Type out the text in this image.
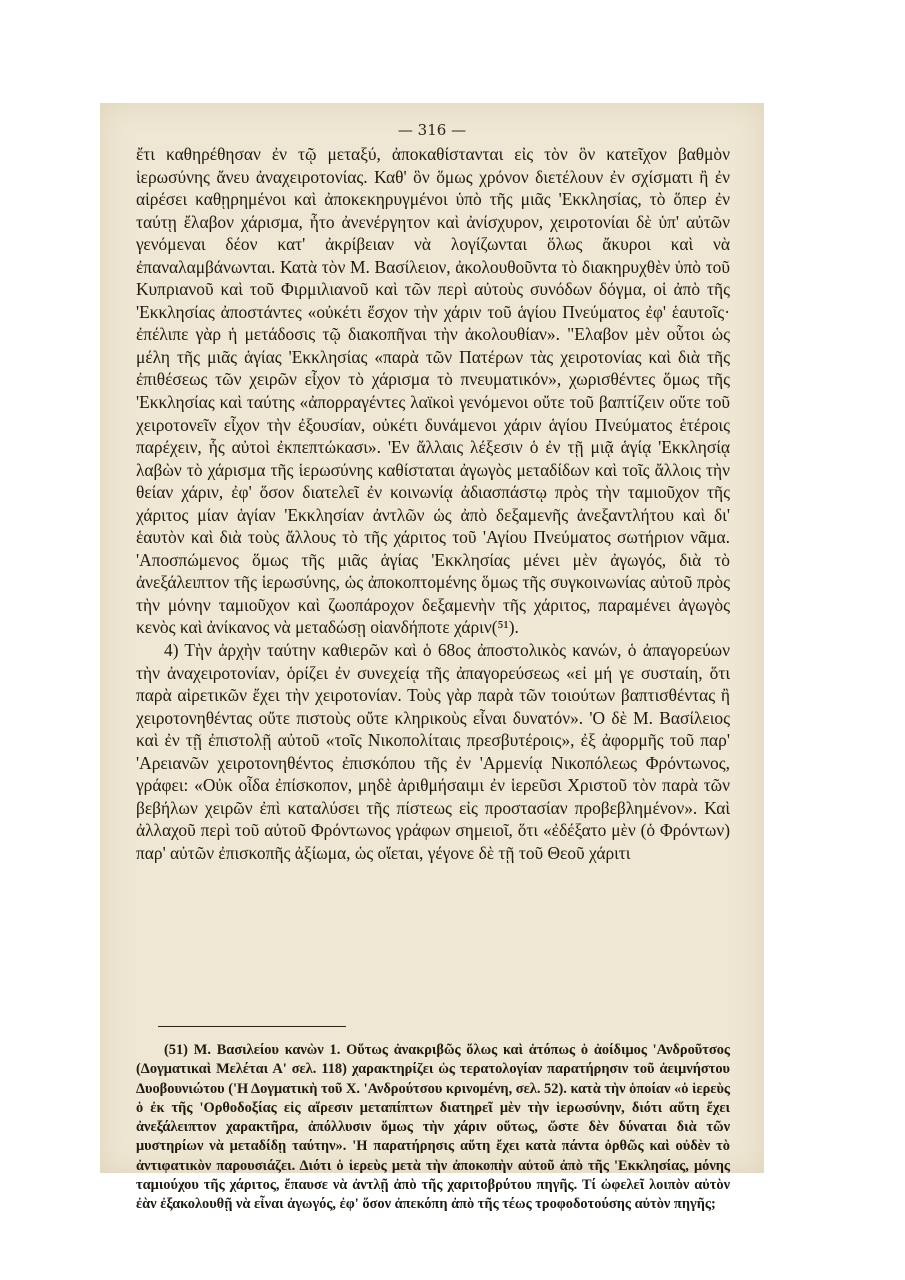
— 316 —

ἔτι καθηρέθησαν ἐν τῷ μεταξύ, ἀποκαθίστανται εἰς τὸν ὃν κατεῖχον βαθμὸν ἱερωσύνης ἄνευ ἀναχειροτονίας. Καθ' ὃν ὅμως χρόνον διετέλουν ἐν σχίσματι ἢ ἐν αἱρέσει καθῃρημένοι καὶ ἀποκεκηρυγμένοι ὑπὸ τῆς μιᾶς 'Εκκλησίας, τὸ ὅπερ ἐν ταύτῃ ἔλαβον χάρισμα, ἦτο ἀνενέργητον καὶ ἀνίσχυρον, χειροτονίαι δὲ ὑπ' αὐτῶν γενόμεναι δέον κατ' ἀκρίβειαν νὰ λογίζωνται ὅλως ἄκυροι καὶ νὰ ἐπαναλαμβάνωνται. Κατὰ τὸν Μ. Βασίλειον, ἀκολουθοῦντα τὸ διακηρυχθὲν ὑπὸ τοῦ Κυπριανοῦ καὶ τοῦ Φιρμιλιανοῦ καὶ τῶν περὶ αὐτοὺς συνόδων δόγμα, οἱ ἀπὸ τῆς 'Εκκλησίας ἀποστάντες «οὐκέτι ἔσχον τὴν χάριν τοῦ ἁγίου Πνεύματος ἐφ' ἑαυτοῖς· ἐπέλιπε γὰρ ἡ μετάδοσις τῷ διακοπῆναι τὴν ἀκολουθίαν». "Ελαβον μὲν οὗτοι ὡς μέλη τῆς μιᾶς ἁγίας 'Εκκλησίας «παρὰ τῶν Πατέρων τὰς χειροτονίας καὶ διὰ τῆς ἐπιθέσεως τῶν χειρῶν εἶχον τὸ χάρισμα τὸ πνευματικόν», χωρισθέντες ὅμως τῆς 'Εκκλησίας καὶ ταύτης «ἀπορραγέντες λαϊκοὶ γενόμενοι οὔτε τοῦ βαπτίζειν οὔτε τοῦ χειροτονεῖν εἶχον τὴν ἐξουσίαν, οὐκέτι δυνάμενοι χάριν ἁγίου Πνεύματος ἑτέροις παρέχειν, ἧς αὐτοὶ ἐκπεπτώκασι». 'Εν ἄλλαις λέξεσιν ὁ ἐν τῇ μιᾷ ἁγίᾳ 'Εκκλησίᾳ λαβὼν τὸ χάρισμα τῆς ἱερωσύνης καθίσταται ἀγωγὸς μεταδίδων καὶ τοῖς ἄλλοις τὴν θείαν χάριν, ἐφ' ὅσον διατελεῖ ἐν κοινωνίᾳ ἀδιασπάστῳ πρὸς τὴν ταμιοῦχον τῆς χάριτος μίαν ἁγίαν 'Εκκλησίαν ἀντλῶν ὡς ἀπὸ δεξαμενῆς ἀνεξαντλήτου καὶ δι' ἑαυτὸν καὶ διὰ τοὺς ἄλλους τὸ τῆς χάριτος τοῦ 'Αγίου Πνεύματος σωτήριον νᾶμα. 'Αποσπώμενος ὅμως τῆς μιᾶς ἁγίας 'Εκκλησίας μένει μὲν ἀγωγός, διὰ τὸ ἀνεξάλειπτον τῆς ἱερωσύνης, ὡς ἀποκοπτομένης ὅμως τῆς συγκοινωνίας αὐτοῦ πρὸς τὴν μόνην ταμιοῦχον καὶ ζωοπάροχον δεξαμενὴν τῆς χάριτος, παραμένει ἀγωγὸς κενὸς καὶ ἀνίκανος νὰ μεταδώσῃ οἱανδήποτε χάριν(⁵¹).

4) Τὴν ἀρχὴν ταύτην καθιερῶν καὶ ὁ 68ος ἀποστολικὸς κανών, ὁ ἀπαγορεύων τὴν ἀναχειροτονίαν, ὁρίζει ἐν συνεχείᾳ τῆς ἀπαγορεύσεως «εἰ μή γε συσταίη, ὅτι παρὰ αἱρετικῶν ἔχει τὴν χειροτονίαν. Τοὺς γὰρ παρὰ τῶν τοιούτων βαπτισθέντας ἢ χειροτονηθέντας οὔτε πιστοὺς οὔτε κληρικοὺς εἶναι δυνατόν». 'Ο δὲ Μ. Βασίλειος καὶ ἐν τῇ ἐπιστολῇ αὐτοῦ «τοῖς Νικοπολίταις πρεσβυτέροις», ἐξ ἀφορμῆς τοῦ παρ' 'Αρειανῶν χειροτονηθέντος ἐπισκόπου τῆς ἐν 'Αρμενίᾳ Νικοπόλεως Φρόντωνος, γράφει: «Οὐκ οἶδα ἐπίσκοπον, μηδὲ ἀριθμήσαιμι ἐν ἱερεῦσι Χριστοῦ τὸν παρὰ τῶν βεβήλων χειρῶν ἐπὶ καταλύσει τῆς πίστεως εἰς προστασίαν προβεβλημένον». Καὶ ἀλλαχοῦ περὶ τοῦ αὐτοῦ Φρόντωνος γράφων σημειοῖ, ὅτι «ἐδέξατο μὲν (ὁ Φρόντων) παρ' αὐτῶν ἐπισκοπῆς ἀξίωμα, ὡς οἴεται, γέγονε δὲ τῇ τοῦ Θεοῦ χάριτι

(51) Μ. Βασιλείου κανὼν 1. Οὕτως ἀνακριβῶς ὅλως καὶ ἀτόπως ὁ ἀοίδιμος 'Ανδροῦτσος (Δογματικαὶ Μελέται Α' σελ. 118) χαρακτηρίζει ὡς τερατολογίαν παρατήρησιν τοῦ ἀειμνήστου Δυοβουνιώτου ('Η Δογματικὴ τοῦ Χ. 'Ανδρούτσου κρινομένη, σελ. 52). κατὰ τὴν ὁποίαν «ὁ ἱερεὺς ὁ ἐκ τῆς 'Ορθοδοξίας εἰς αἵρεσιν μεταπίπτων διατηρεῖ μὲν τὴν ἱερωσύνην, διότι αὕτη ἔχει ἀνεξάλειπτον χαρακτῆρα, ἀπόλλυσιν ὅμως τὴν χάριν οὕτως, ὥστε δὲν δύναται διὰ τῶν μυστηρίων νὰ μεταδίδῃ ταύτην». 'Η παρατήρησις αὕτη ἔχει κατὰ πάντα ὀρθῶς καὶ οὐδὲν τὸ ἀντιφατικὸν παρουσιάζει. Διότι ὁ ἱερεὺς μετὰ τὴν ἀποκοπὴν αὐτοῦ ἀπὸ τῆς 'Εκκλησίας, μόνης ταμιούχου τῆς χάριτος, ἔπαυσε νὰ ἀντλῇ ἀπὸ τῆς χαριτοβρύτου πηγῆς. Τί ὠφελεῖ λοιπὸν αὐτὸν ἐὰν ἐξακολουθῇ νὰ εἶναι ἀγωγός, ἐφ' ὅσον ἀπεκόπη ἀπὸ τῆς τέως τροφοδοτούσης αὐτὸν πηγῆς;
